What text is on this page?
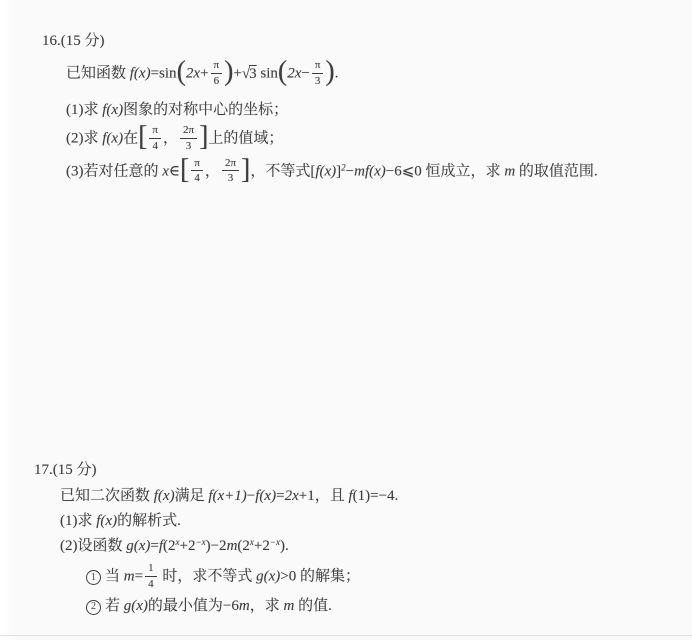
16.(15 分)
已知函数 $f(x)=\sin(2x+ \frac{\pi}{6} )+√3$ $\sin(2x- \frac{\pi}{3}$ ).
(1)求 f(x)图象的对称中心的坐标；
(2)求 f(x)在[ $\frac{\pi}{4}$ ， $\frac{2\pi}{3}$ ]上的值域；
(3)若对任意的 x∈[ $\frac{\pi}{4}$ ， $\frac{2\pi}{3}$ ]，不等式$[f(x)]^2-mf(x)-6⩽0$ 恒成立，求 m 的取值范围.
17.(15 分)
已知二次函数 f(x)满足 f(x+1)−f(x)=2x+1，且 f(1)=−4.
(1)求 f(x)的解析式.
(2)设函数 $g(x)=f(2^x+2^{-x})-2m(2^x+2^{-x})$.
1 当 $m= \frac{1}{4}$ 时，求不等式 g(x)>0 的解集；
2 若 g(x)的最小值为−6m，求 m 的值.
